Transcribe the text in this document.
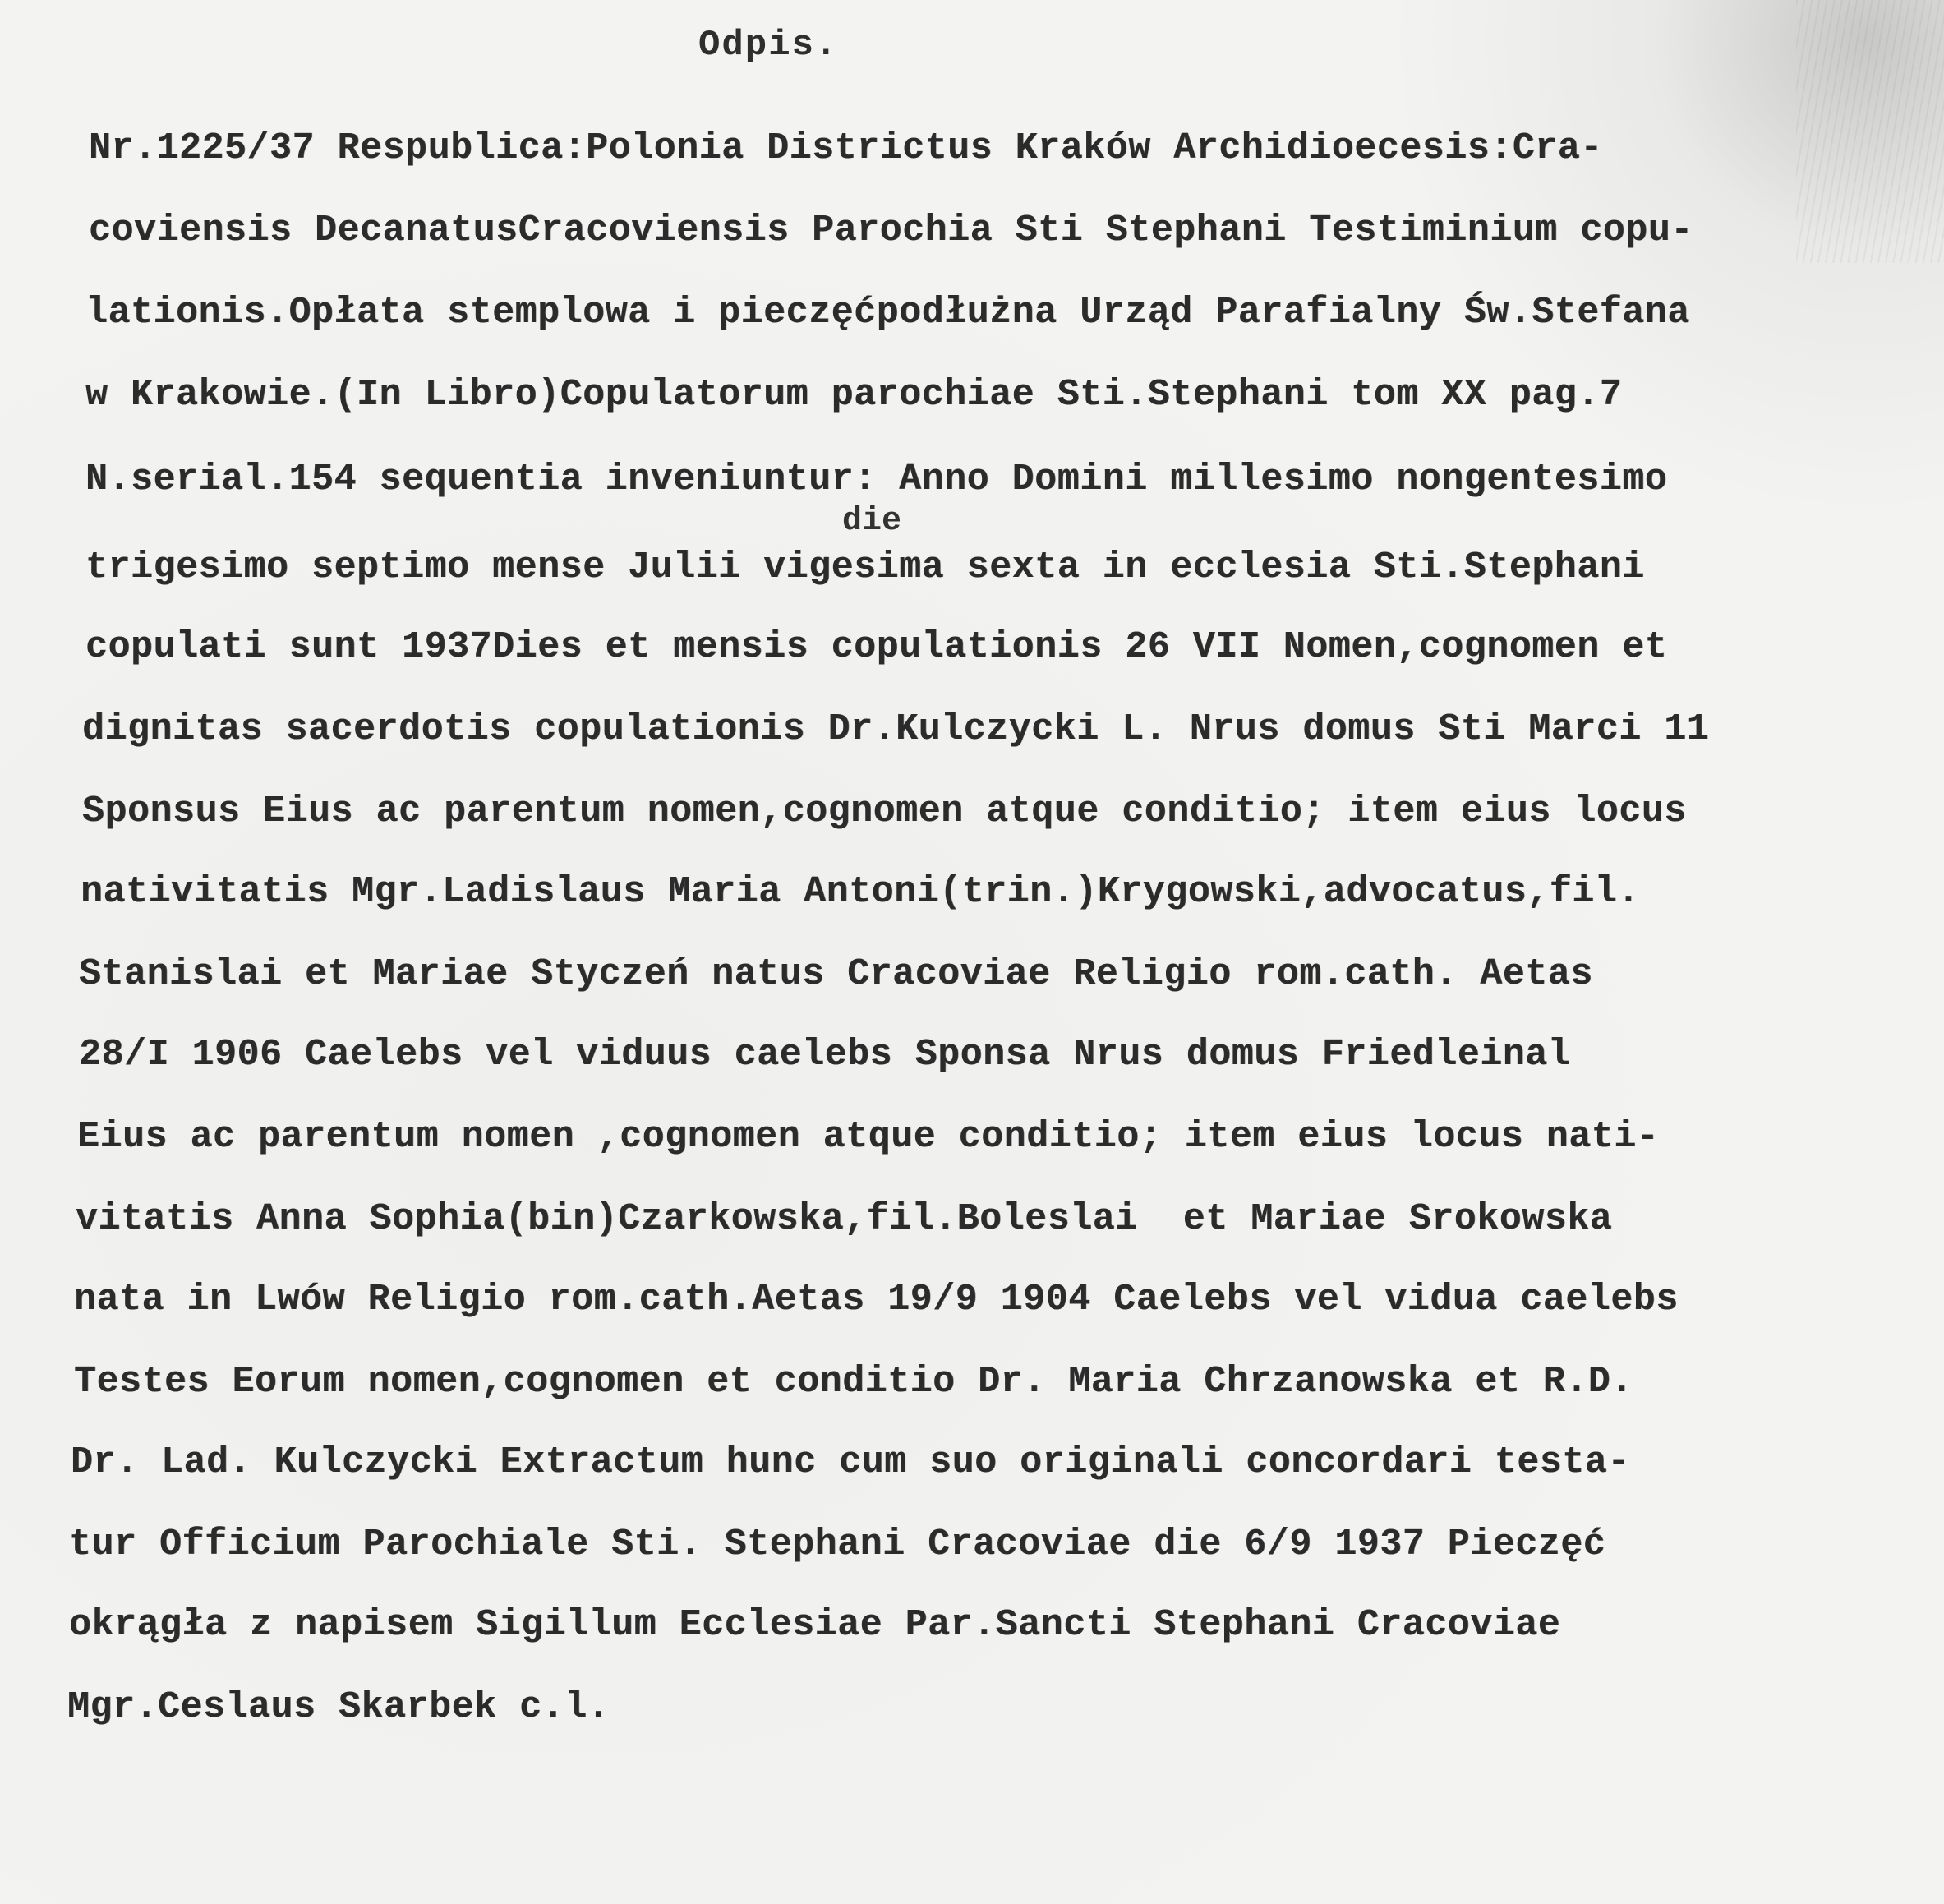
Odpis.
die
Nr.1225/37 Respublica:Polonia Districtus Kraków Archidioecesis:Cra-
coviensis DecanatusCracoviensis Parochia Sti Stephani Testiminium copu-
lationis.Opłata stemplowa i pieczęćpodłużna Urząd Parafialny Św.Stefana
w Krakowie.(In Libro)Copulatorum parochiae Sti.Stephani tom XX pag.7
N.serial.154 sequentia inveniuntur: Anno Domini millesimo nongentesimo
trigesimo septimo mense Julii vigesima sexta in ecclesia Sti.Stephani
copulati sunt 1937Dies et mensis copulationis 26 VII Nomen,cognomen et
dignitas sacerdotis copulationis Dr.Kulczycki L. Nrus domus Sti Marci 11
Sponsus Eius ac parentum nomen,cognomen atque conditio; item eius locus
nativitatis Mgr.Ladislaus Maria Antoni(trin.)Krygowski,advocatus,fil.
Stanislai et Mariae Styczeń natus Cracoviae Religio rom.cath. Aetas
28/I 1906 Caelebs vel viduus caelebs Sponsa Nrus domus Friedleinal
Eius ac parentum nomen ,cognomen atque conditio; item eius locus nati-
vitatis Anna Sophia(bin)Czarkowska,fil.Boleslai  et Mariae Srokowska
nata in Lwów Religio rom.cath.Aetas 19/9 1904 Caelebs vel vidua caelebs
Testes Eorum nomen,cognomen et conditio Dr. Maria Chrzanowska et R.D.
Dr. Lad. Kulczycki Extractum hunc cum suo originali concordari testa-
tur Officium Parochiale Sti. Stephani Cracoviae die 6/9 1937 Pieczęć
okrągła z napisem Sigillum Ecclesiae Par.Sancti Stephani Cracoviae
Mgr.Ceslaus Skarbek c.l.
